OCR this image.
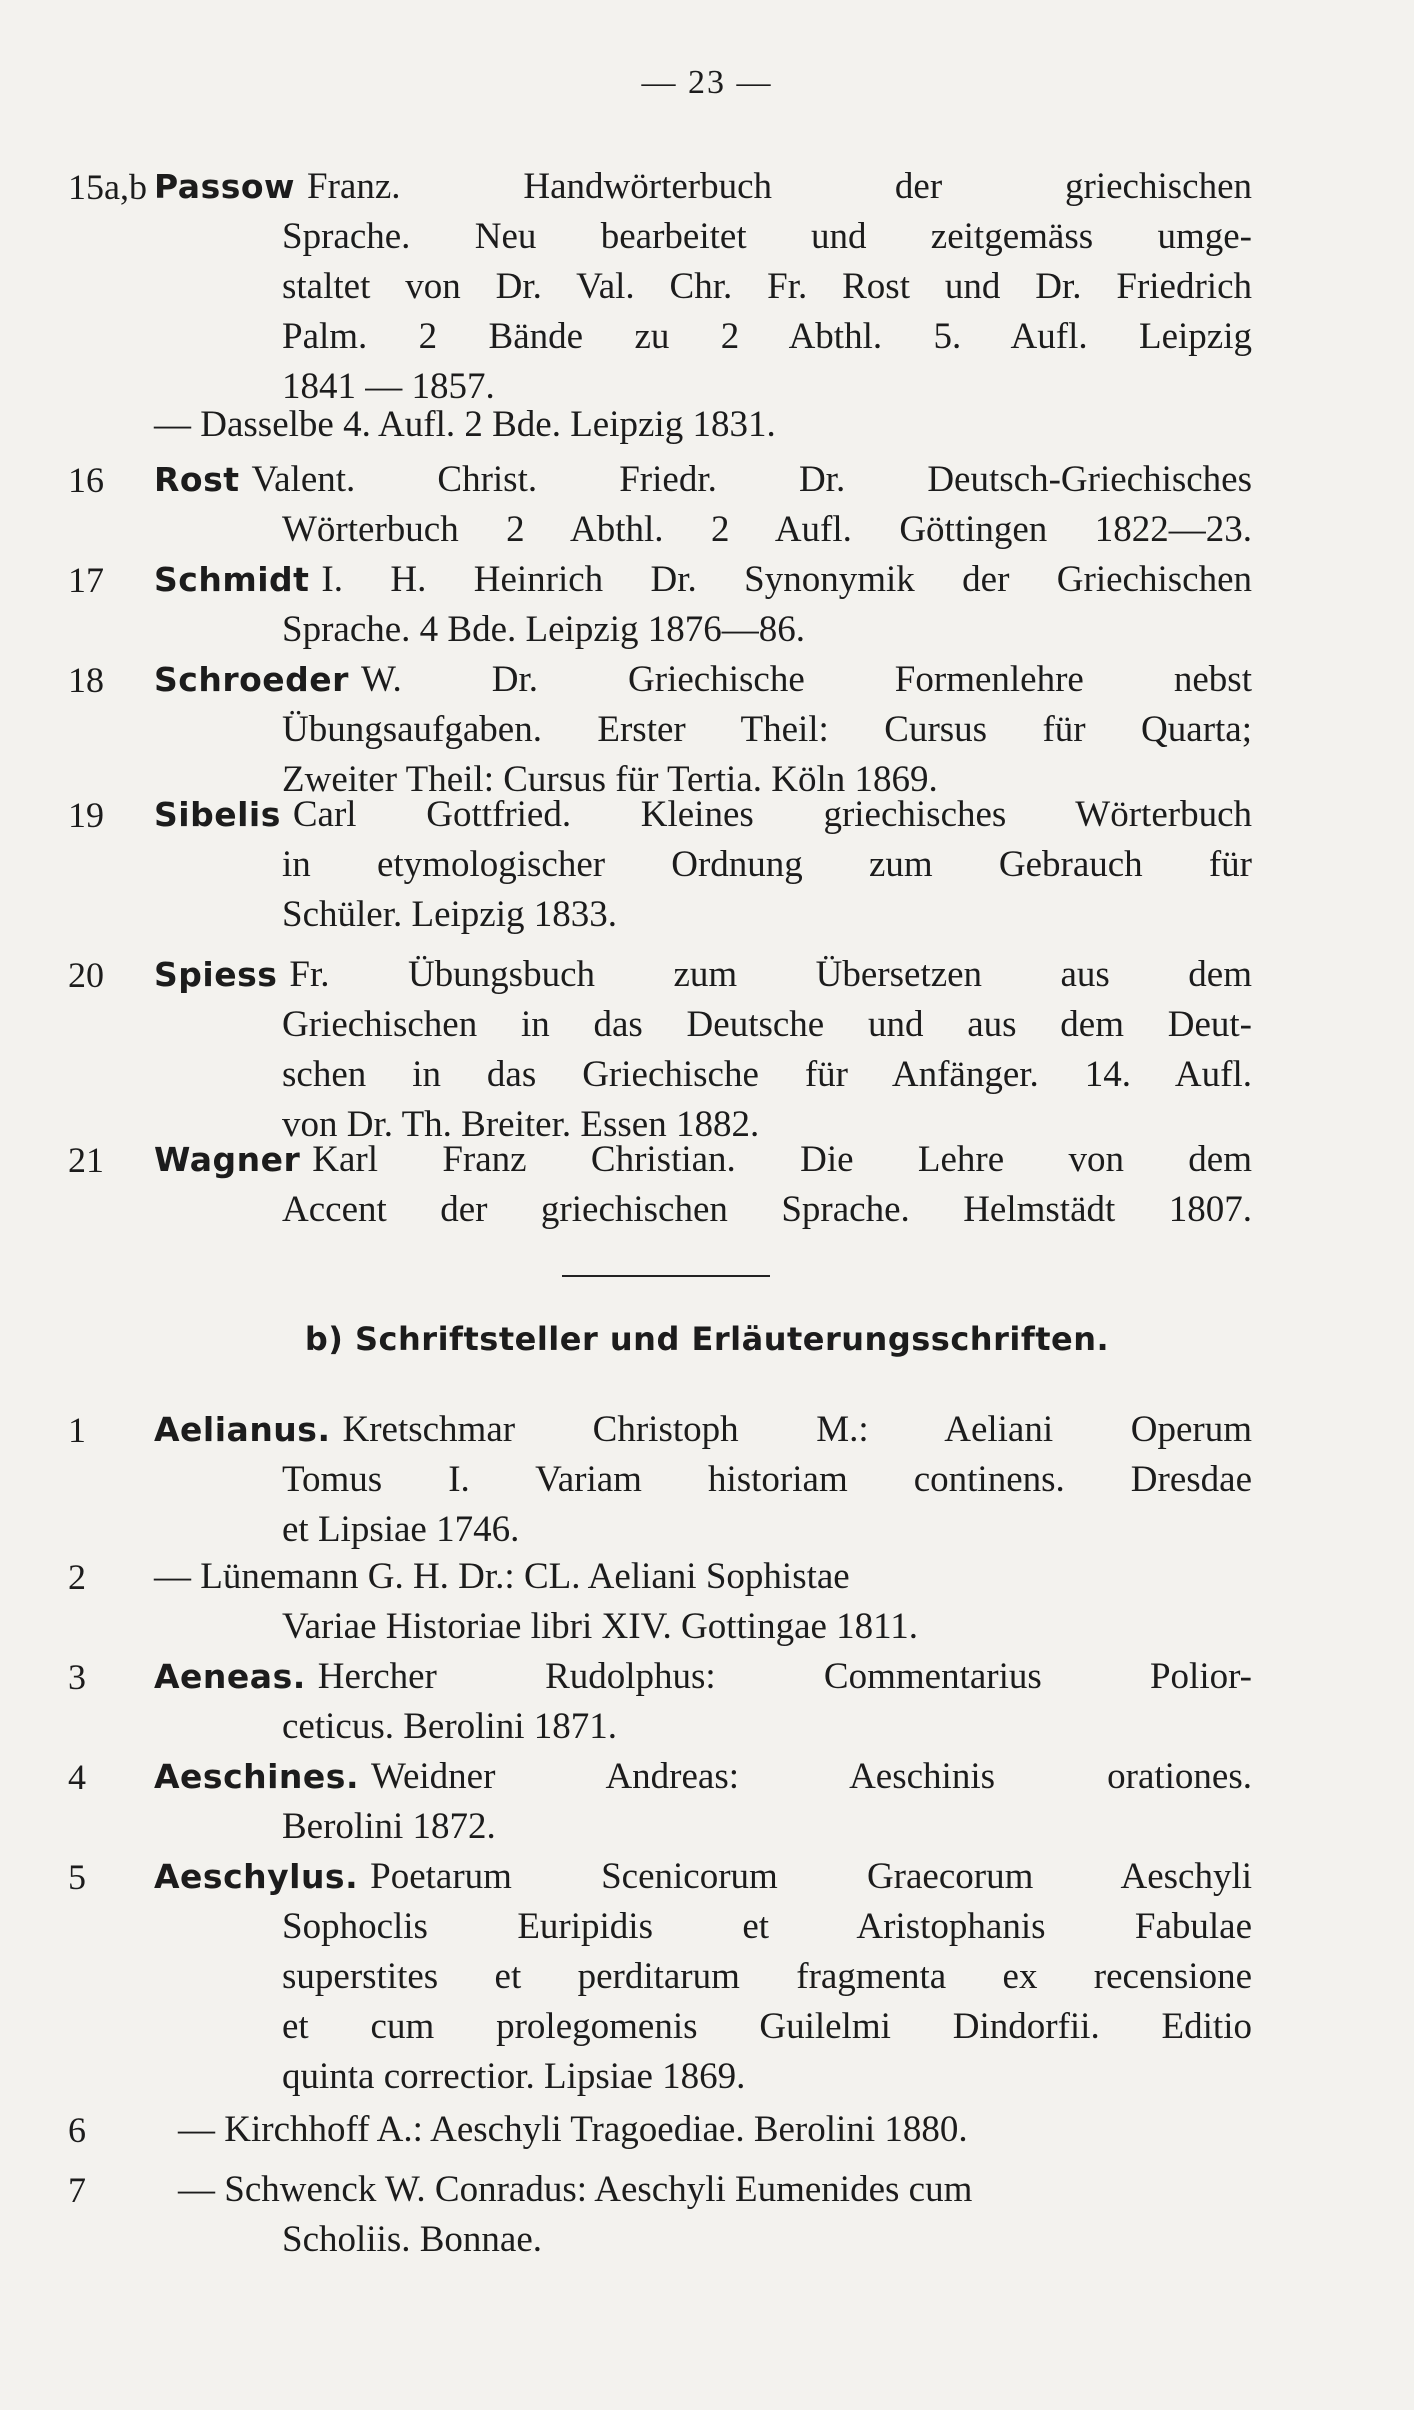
— 23 —
15a,b Passow Franz. Handwörterbuch der griechischen
Sprache. Neu bearbeitet und zeitgemäss umge-
staltet von Dr. Val. Chr. Fr. Rost und Dr. Friedrich
Palm. 2 Bände zu 2 Abthl. 5. Aufl. Leipzig
1841 — 1857.
— Dasselbe 4. Aufl. 2 Bde. Leipzig 1831.
16 Rost Valent. Christ. Friedr. Dr. Deutsch-Griechisches
Wörterbuch 2 Abthl. 2 Aufl. Göttingen 1822—23.
17 Schmidt I. H. Heinrich Dr. Synonymik der Griechischen
Sprache. 4 Bde. Leipzig 1876—86.
18 Schroeder W. Dr. Griechische Formenlehre nebst
Übungsaufgaben. Erster Theil: Cursus für Quarta;
Zweiter Theil: Cursus für Tertia. Köln 1869.
19 Sibelis Carl Gottfried. Kleines griechisches Wörterbuch
in etymologischer Ordnung zum Gebrauch für
Schüler. Leipzig 1833.
20 Spiess Fr. Übungsbuch zum Übersetzen aus dem
Griechischen in das Deutsche und aus dem Deut-
schen in das Griechische für Anfänger. 14. Aufl.
von Dr. Th. Breiter. Essen 1882.
21 Wagner Karl Franz Christian. Die Lehre von dem
Accent der griechischen Sprache. Helmstädt 1807.
b) Schriftsteller und Erläuterungsschriften.
1 Aelianus. Kretschmar Christoph M.: Aeliani Operum
Tomus I. Variam historiam continens. Dresdae
et Lipsiae 1746.
2 — Lünemann G. H. Dr.: CL. Aeliani Sophistae
Variae Historiae libri XIV. Gottingae 1811.
3 Aeneas. Hercher Rudolphus: Commentarius Polior-
ceticus. Berolini 1871.
4 Aeschines. Weidner Andreas: Aeschinis orationes.
Berolini 1872.
5 Aeschylus. Poetarum Scenicorum Graecorum Aeschyli
Sophoclis Euripidis et Aristophanis Fabulae
superstites et perditarum fragmenta ex recensione
et cum prolegomenis Guilelmi Dindorfii. Editio
quinta correctior. Lipsiae 1869.
6 — Kirchhoff A.: Aeschyli Tragoediae. Berolini 1880.
7 — Schwenck W. Conradus: Aeschyli Eumenides cum
Scholiis. Bonnae.
